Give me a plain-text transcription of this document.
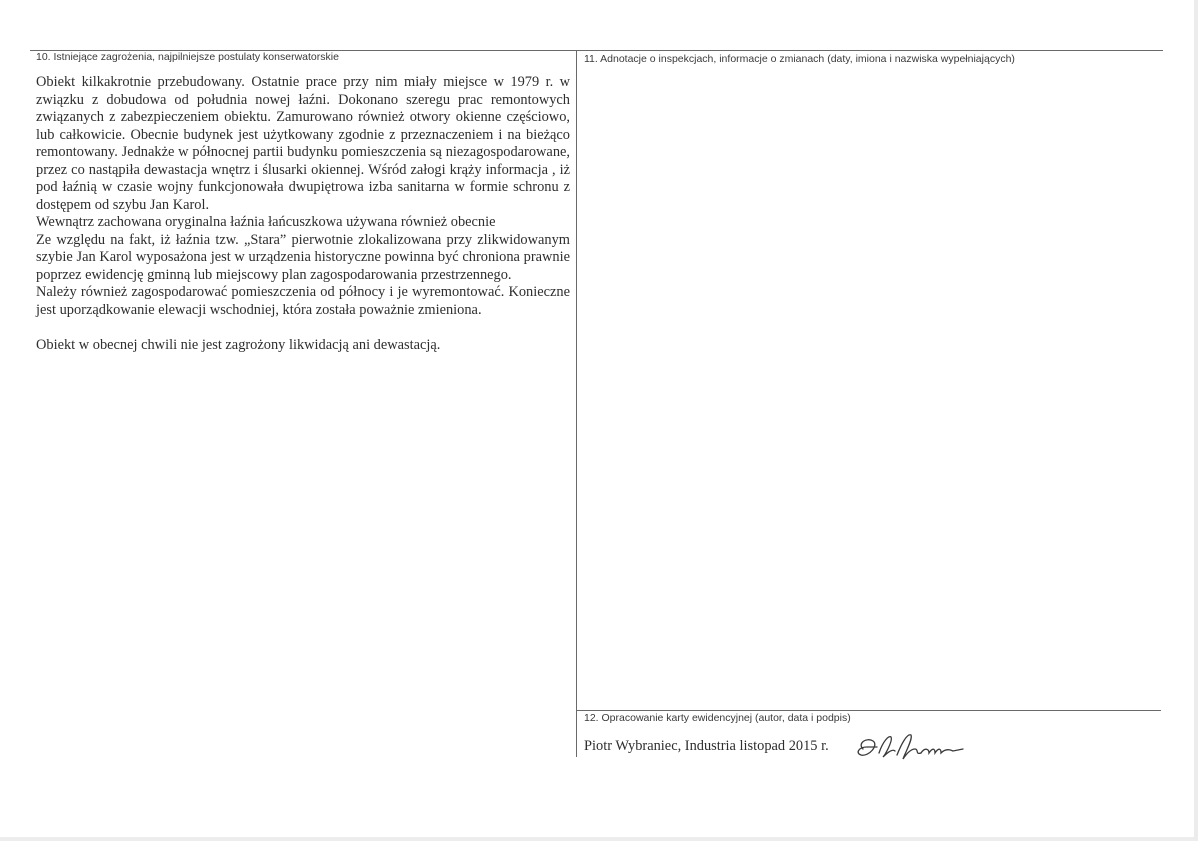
10. Istniejące zagrożenia, najpilniejsze postulaty konserwatorskie	11. Adnotacje o inspekcjach, informacje o zmianach (daty, imiona i nazwiska wypełniających)
12. Opracowanie karty ewidencyjnej (autor, data i podpis)

Obiekt kilkakrotnie przebudowany. Ostatnie prace przy nim miały miejsce w 1979 r. w związku z dobudowa od południa nowej łaźni. Dokonano szeregu prac remontowych związanych z zabezpieczeniem obiektu. Zamurowano również otwory okienne częściowo, lub całkowicie. Obecnie budynek jest użytkowany zgodnie z przeznaczeniem i na bieżąco remontowany. Jednakże w północnej partii budynku pomieszczenia są niezagospodarowane, przez co nastąpiła dewastacja wnętrz i ślusarki okiennej. Wśród załogi krąży informacja , iż pod łaźnią w czasie wojny funkcjonowała dwupiętrowa izba sanitarna w formie schronu z dostępem od szybu Jan Karol.

Wewnątrz zachowana oryginalna łaźnia łańcuszkowa używana również obecnie

Ze względu na fakt, iż łaźnia tzw. „Stara” pierwotnie zlokalizowana przy zlikwidowanym szybie Jan Karol wyposażona jest w urządzenia historyczne powinna być chroniona prawnie poprzez ewidencję gminną lub miejscowy plan zagospodarowania przestrzennego.

Należy również zagospodarować pomieszczenia od północy i je wyremontować. Konieczne jest uporządkowanie elewacji wschodniej, która została poważnie zmieniona.

Obiekt w obecnej chwili nie jest zagrożony likwidacją ani dewastacją.

Piotr Wybraniec, Industria listopad 2015 r.
